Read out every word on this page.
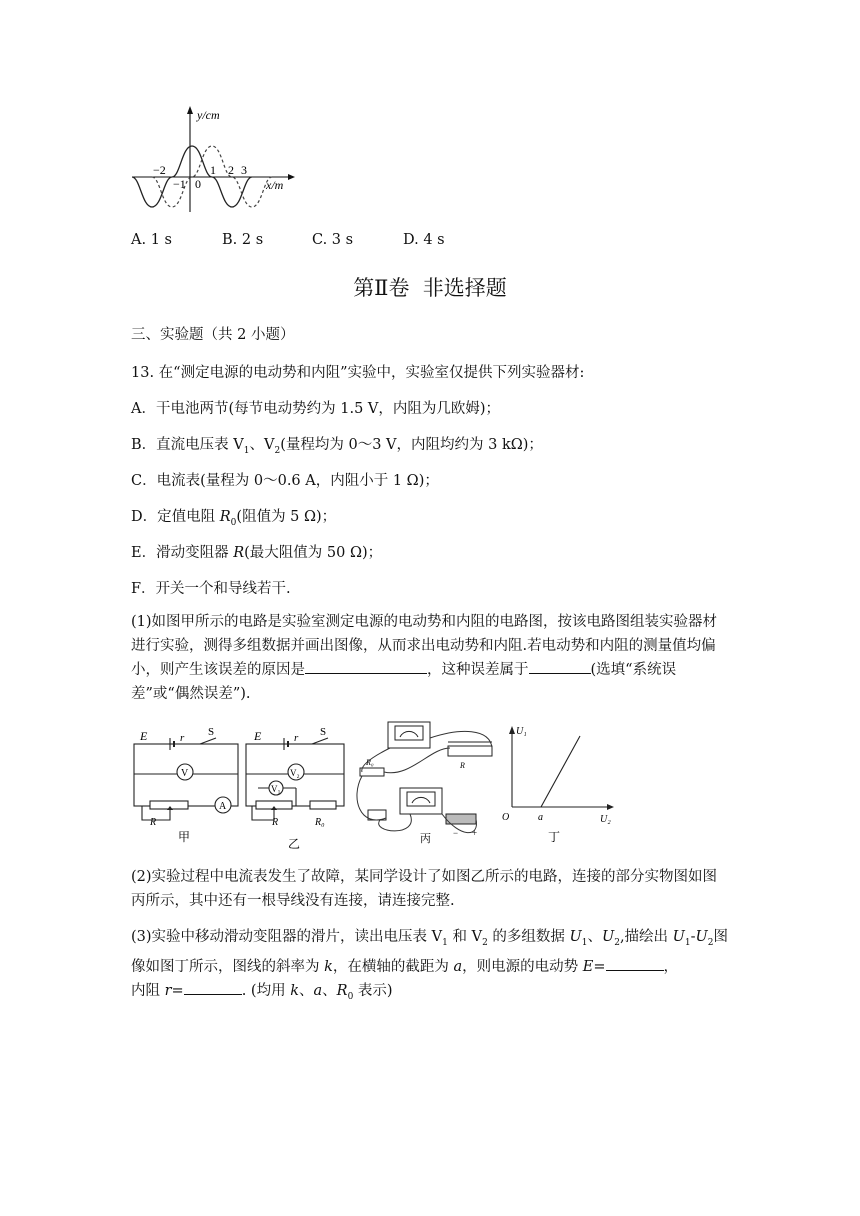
y/cm
x/m
−2
−1 0
1 2 3
A. 1 s	B. 2 s	C. 3 s	D. 4 s
第Ⅱ卷  非选择题
三、实验题（共 2 小题）
13. 在“测定电源的电动势和内阻”实验中，实验室仅提供下列实验器材:
A．干电池两节(每节电动势约为 1.5 V，内阻为几欧姆)；
B．直流电压表 $V_1$、$V_2$(量程均为 0～3 V，内阻均约为 3 kΩ)；
C．电流表(量程为 0～0.6 A，内阻小于 1 Ω)；
D．定值电阻 $R_0$(阻值为 5 Ω)；
E．滑动变阻器 R(最大阻值为 50 Ω)；
F．开关一个和导线若干.
(1)如图甲所示的电路是实验室测定电源的电动势和内阻的电路图，按该电路图组装实验器材进行实验，测得多组数据并画出图像，从而求出电动势和内阻.若电动势和内阻的测量值均偏小，则产生该误差的原因是	，这种误差属于	(选填“系统误差”或“偶然误差”).
E	r S
V
A
R
甲
E	r S
V₂
V₁
R	R₀
乙
R₀	R
− +
丙
U₁
U₂
O	a
丁
(2)实验过程中电流表发生了故障，某同学设计了如图乙所示的电路，连接的部分实物图如图丙所示，其中还有一根导线没有连接，请连接完整.
(3)实验中移动滑动变阻器的滑片，读出电压表 $V_1$ 和 $V_2$ 的多组数据 $U_1$、$U_2$,描绘出 $U_1-U_2$图像如图丁所示，图线的斜率为 k，在横轴的截距为 a，则电源的电动势 E=	，
内阻 r=	. (均用 k、a、$R_0$ 表示)
